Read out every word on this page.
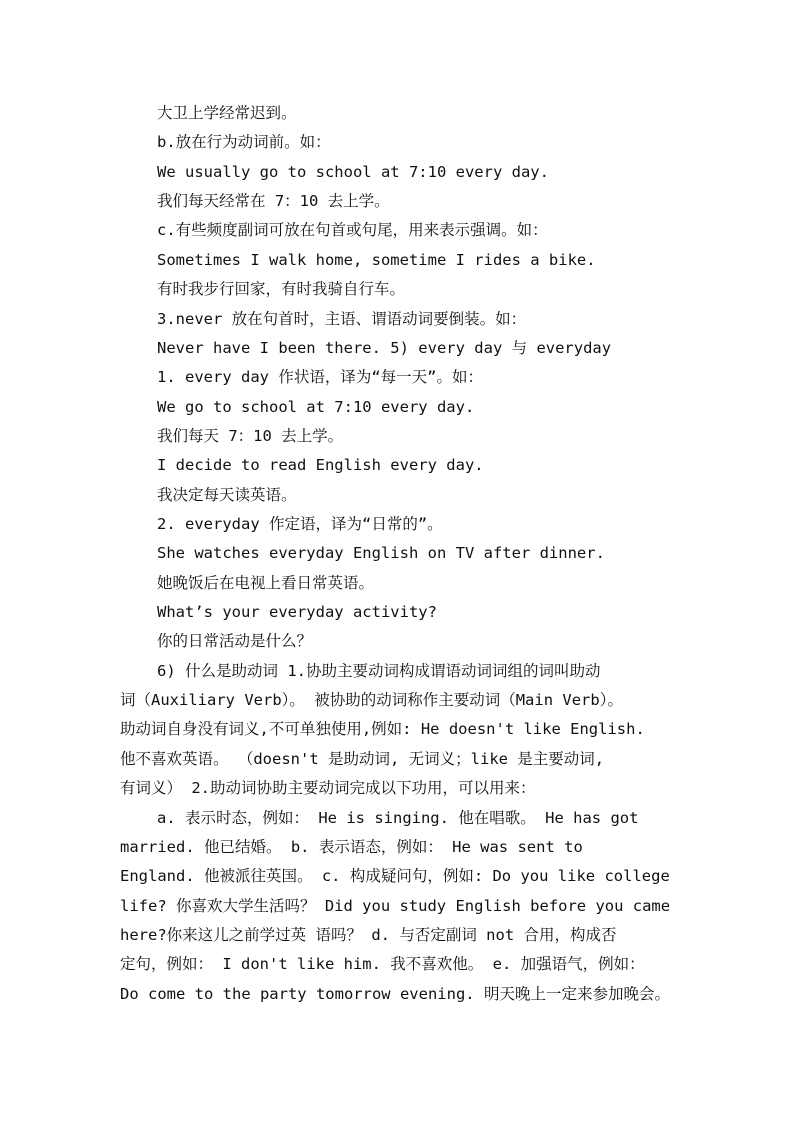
大卫上学经常迟到。
b.放在行为动词前。如：
We usually go to school at 7:10 every day.
我们每天经常在 7：10 去上学。
c.有些频度副词可放在句首或句尾，用来表示强调。如：
Sometimes I walk home, sometime I rides a bike.
有时我步行回家，有时我骑自行车。
3.never 放在句首时，主语、谓语动词要倒装。如：
Never have I been there. 5) every day 与 everyday
1. every day 作状语，译为“每一天”。如：
We go to school at 7:10 every day.
我们每天 7：10 去上学。
I decide to read English every day.
我决定每天读英语。
2. everyday 作定语，译为“日常的”。
She watches everyday English on TV after dinner.
她晚饭后在电视上看日常英语。
What’s your everyday activity?
你的日常活动是什么？
6) 什么是助动词 1.协助主要动词构成谓语动词词组的词叫助动
词（Auxiliary Verb）。 被协助的动词称作主要动词（Main Verb）。
助动词自身没有词义,不可单独使用,例如: He doesn't like English.
他不喜欢英语。 （doesn't 是助动词, 无词义；like 是主要动词,
有词义） 2.助动词协助主要动词完成以下功用，可以用来：
a. 表示时态，例如： He is singing. 他在唱歌。 He has got
married. 他已结婚。 b. 表示语态，例如： He was sent to
England. 他被派往英国。 c. 构成疑问句，例如: Do you like college
life? 你喜欢大学生活吗？ Did you study English before you came
here?你来这儿之前学过英 语吗？ d. 与否定副词 not 合用，构成否
定句，例如： I don't like him. 我不喜欢他。 e. 加强语气，例如：
Do come to the party tomorrow evening. 明天晚上一定来参加晚会。
